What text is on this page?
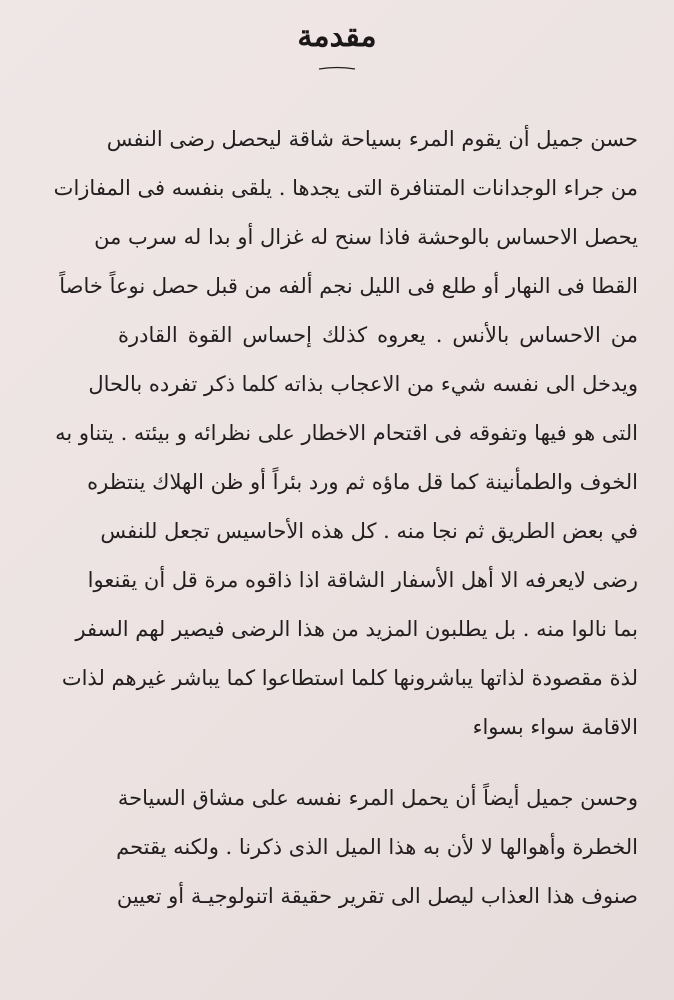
مقدمة
حسن جميل أن يقوم المرء بسياحة شاقة ليحصل رضى النفس
من جراء الوجدانات المتنافرة التى يجدها . يلقى بنفسه فى المفازات
يحصل الاحساس بالوحشة فاذا سنح له غزال أو بدا له سرب من
القطا فى النهار أو طلع فى الليل نجم ألفه من قبل حصل نوعاً خاصاً
من الاحساس بالأنس . يعروه كذلك إحساس القوة القادرة
ويدخل الى نفسه شيء من الاعجاب بذاته كلما ذكر تفرده بالحال
التى هو فيها وتفوقه فى اقتحام الاخطار على نظرائه و بيئته . يتناو به
الخوف والطمأنينة كما قل ماؤه ثم ورد بئراً أو ظن الهلاك ينتظره
في بعض الطريق ثم نجا منه . كل هذه الأحاسيس تجعل للنفس
رضى لايعرفه الا أهل الأسفار الشاقة اذا ذاقوه مرة قل أن يقنعوا
بما نالوا منه . بل يطلبون المزيد من هذا الرضى فيصير لهم السفر
لذة مقصودة لذاتها يباشرونها كلما استطاعوا كما يباشر غيرهم لذات
الاقامة سواء بسواء
وحسن جميل أيضاً أن يحمل المرء نفسه على مشاق السياحة
الخطرة وأهوالها لا لأن به هذا الميل الذى ذكرنا . ولكنه يقتحم
صنوف هذا العذاب ليصل الى تقرير حقيقة اتنولوجيـة أو تعيين
